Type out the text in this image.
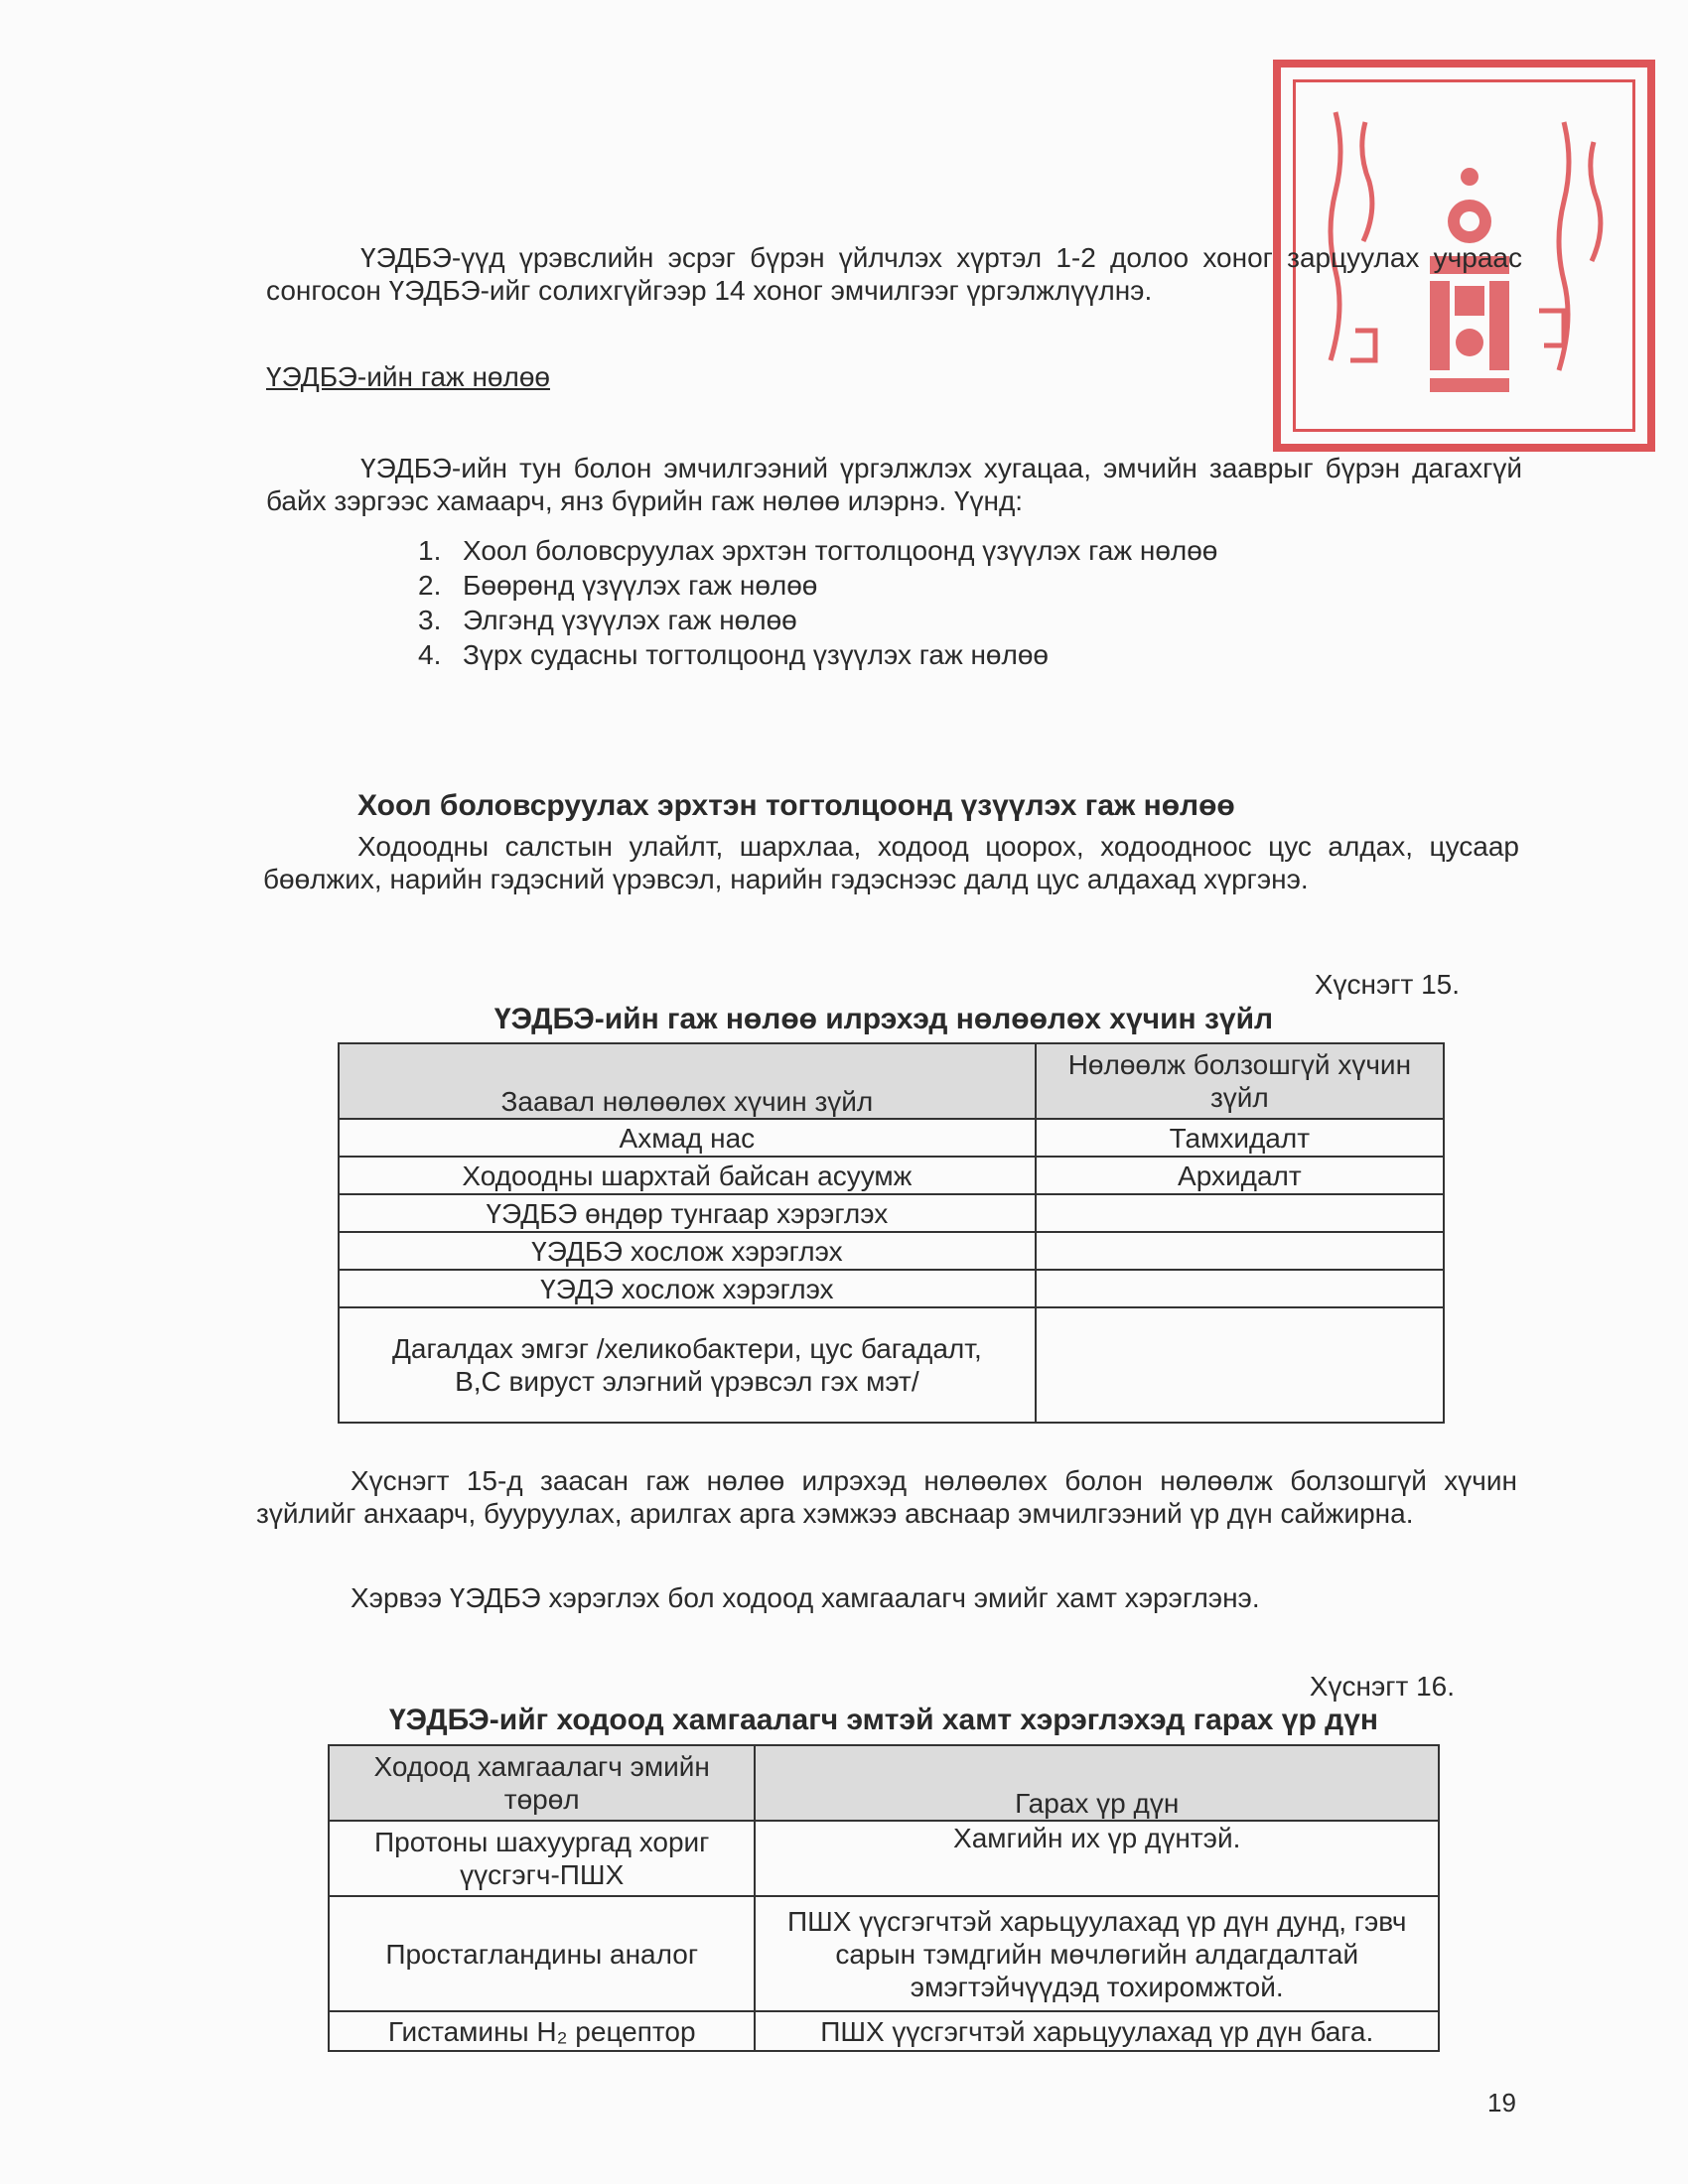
ҮЭДБЭ-үүд үрэвслийн эсрэг бүрэн үйлчлэх хүртэл 1-2 долоо хоног зарцуулах учраас сонгосон ҮЭДБЭ-ийг солихгүйгээр 14 хоног эмчилгээг үргэлжлүүлнэ.
ҮЭДБЭ-ийн гаж нөлөө
ҮЭДБЭ-ийн тун болон эмчилгээний үргэлжлэх хугацаа, эмчийн зааврыг бүрэн дагахгүй байх зэргээс хамаарч, янз бүрийн гаж нөлөө илэрнэ. Үүнд:
1. Хоол боловсруулах эрхтэн тогтолцоонд үзүүлэх гаж нөлөө
2. Бөөрөнд үзүүлэх гаж нөлөө
3. Элгэнд үзүүлэх гаж нөлөө
4. Зүрх судасны тогтолцоонд үзүүлэх гаж нөлөө
Хоол боловсруулах эрхтэн тогтолцоонд үзүүлэх гаж нөлөө
Ходоодны салстын улайлт, шархлаа, ходоод цоорох, ходоодноос цус алдах, цусаар бөөлжих, нарийн гэдэсний үрэвсэл, нарийн гэдэснээс далд цус алдахад хүргэнэ.
Хүснэгт 15.
ҮЭДБЭ-ийн гаж нөлөө илрэхэд нөлөөлөх хүчин зүйл
Заавал нөлөөлөх хүчин зүйл	Нөлөөлж болзошгүй хүчин зүйл
Ахмад нас	Тамхидалт
Ходоодны шархтай байсан асуумж	Архидалт
ҮЭДБЭ өндөр тунгаар хэрэглэх	
ҮЭДБЭ хослож хэрэглэх	
ҮЭДЭ хослож хэрэглэх	
Дагалдах эмгэг /хеликобактери, цус багадалт, B,C вируст элэгний үрэвсэл гэх мэт/	
Хүснэгт 15-д заасан гаж нөлөө илрэхэд нөлөөлөх болон нөлөөлж болзошгүй хүчин зүйлийг анхаарч, бууруулах, арилгах арга хэмжээ авснаар эмчилгээний үр дүн сайжирна.
Хэрвээ ҮЭДБЭ хэрэглэх бол ходоод хамгаалагч эмийг хамт хэрэглэнэ.
Хүснэгт 16.
ҮЭДБЭ-ийг ходоод хамгаалагч эмтэй хамт хэрэглэхэд гарах үр дүн
Ходоод хамгаалагч эмийн төрөл	Гарах үр дүн
Протоны шахуургад хориг үүсгэгч-ПШХ	Хамгийн их үр дүнтэй.
Простагландины аналог	ПШХ үүсгэгчтэй харьцуулахад үр дүн дунд, гэвч сарын тэмдгийн мөчлөгийн алдагдалтай эмэгтэйчүүдэд тохиромжтой.
Гистамины H₂ рецептор	ПШХ үүсгэгчтэй харьцуулахад үр дүн бага.
19
